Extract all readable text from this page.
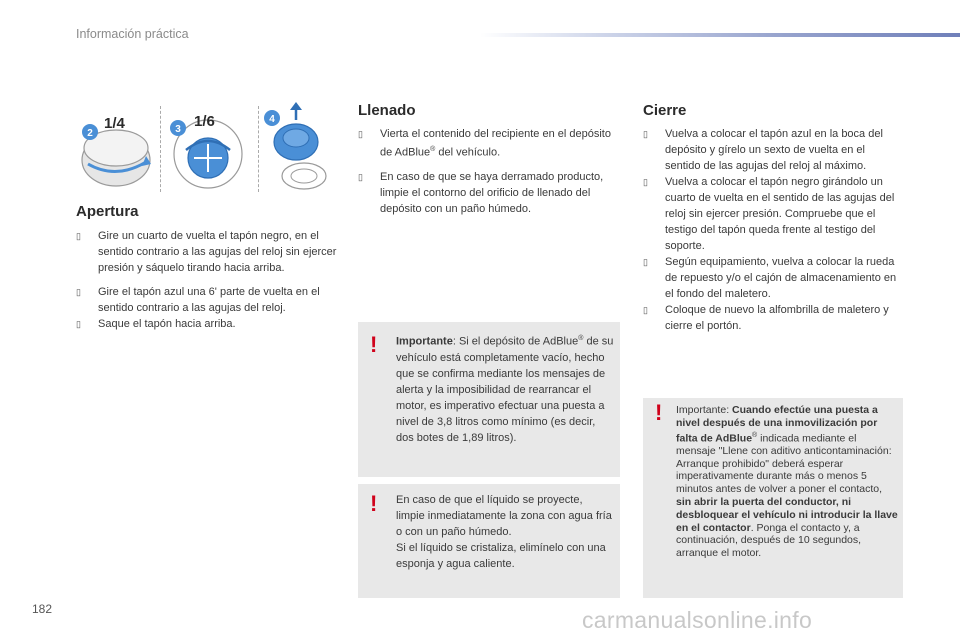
Información práctica
2
1/4	3 1/6	4
Apertura
▯ Gire un cuarto de vuelta el tapón negro, en el sentido contrario a las agujas del reloj sin ejercer presión y sáquelo tirando hacia arriba.
▯ Gire el tapón azul una 6' parte de vuelta en el sentido contrario a las agujas del reloj.
▯ Saque el tapón hacia arriba.
Llenado
▯ Vierta el contenido del recipiente en el depósito de AdBlue® del vehículo.
▯ En caso de que se haya derramado producto, limpie el contorno del orificio de llenado del depósito con un paño húmedo.
! Importante: Si el depósito de AdBlue® de su vehículo está completamente vacío, hecho que se confirma mediante los mensajes de alerta y la imposibilidad de rearrancar el motor, es imperativo efectuar una puesta a nivel de 3,8 litros como mínimo (es decir, dos botes de 1,89 litros).
! En caso de que el líquido se proyecte, limpie inmediatamente la zona con agua fría o con un paño húmedo.
Si el líquido se cristaliza, elimínelo con una esponja y agua caliente.
Cierre
▯ Vuelva a colocar el tapón azul en la boca del depósito y gírelo un sexto de vuelta en el sentido de las agujas del reloj al máximo.
▯ Vuelva a colocar el tapón negro girándolo un cuarto de vuelta en el sentido de las agujas del reloj sin ejercer presión. Compruebe que el testigo del tapón queda frente al testigo del soporte.
▯ Según equipamiento, vuelva a colocar la rueda de repuesto y/o el cajón de almacenamiento en el fondo del maletero.
▯ Coloque de nuevo la alfombrilla de maletero y cierre el portón.
! Importante: Cuando efectúe una puesta a nivel después de una inmovilización por falta de AdBlue® indicada mediante el mensaje "Llene con aditivo anticontaminación: Arranque prohibido" deberá esperar imperativamente durante más o menos 5 minutos antes de volver a poner el contacto, sin abrir la puerta del conductor, ni desbloquear el vehículo ni introducir la llave en el contactor. Ponga el contacto y, a continuación, después de 10 segundos, arranque el motor.
182	carmanualsonline.info
